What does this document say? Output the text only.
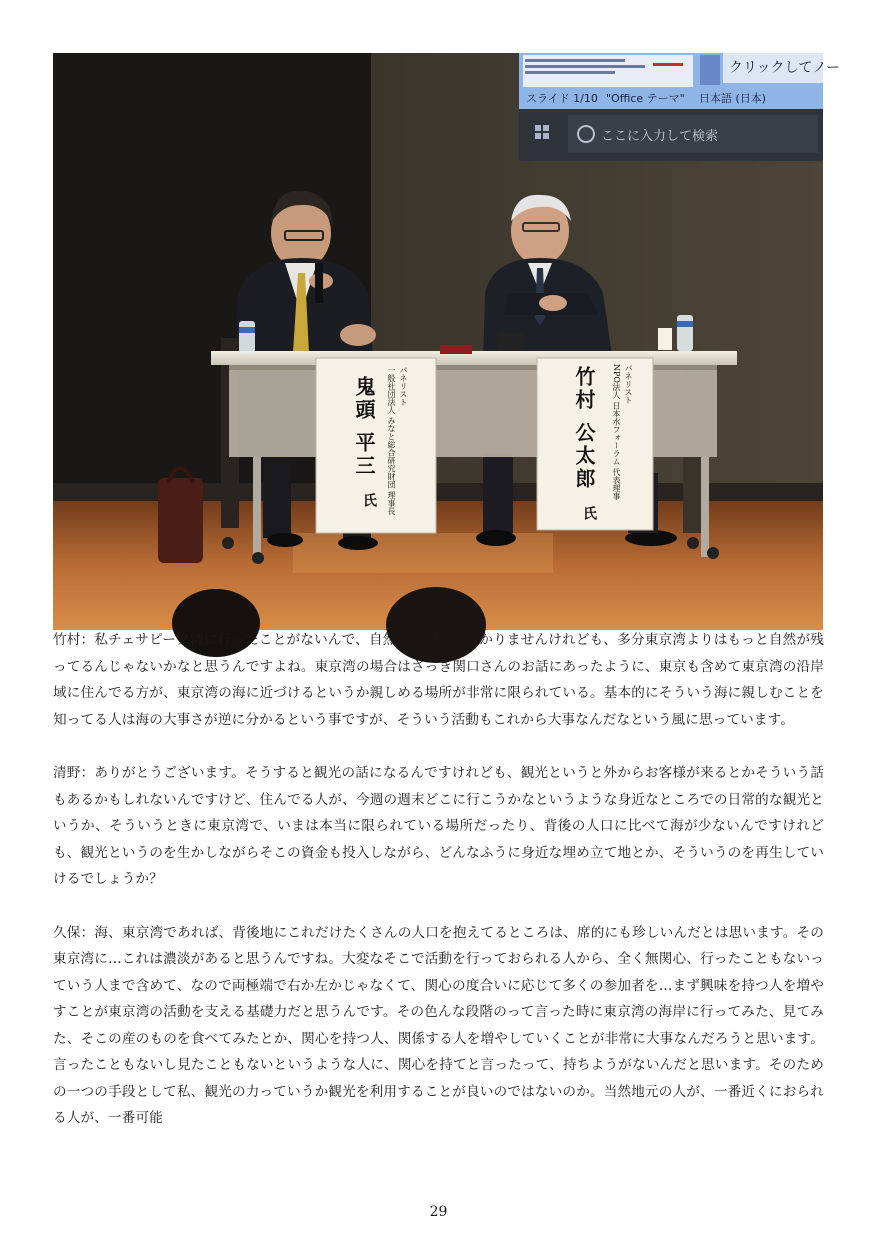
クリックしてノー
スライド 1/10 "Office テーマ" 日本語 (日本)
ここに入力して検索
パネリスト
一般社団法人 みなと総合研究財団 理事長
鬼頭 平三
氏
パネリスト
NPO法人 日本水フォーラム 代表理事
竹村 公太郎
氏

竹村：私チェサピーク湾に行ったことがないんで、自然の状況よくわかりませんけれども、多分東京湾よりはもっと自然が残ってるんじゃないかなと思うんですよね。東京湾の場合はさっき関口さんのお話にあったように、東京も含めて東京湾の沿岸域に住んでる方が、東京湾の海に近づけるというか親しめる場所が非常に限られている。基本的にそういう海に親しむことを知ってる人は海の大事さが逆に分かるという事ですが、そういう活動もこれから大事なんだなという風に思っています。

清野：ありがとうございます。そうすると観光の話になるんですけれども、観光というと外からお客様が来るとかそういう話もあるかもしれないんですけど、住んでる人が、今週の週末どこに行こうかなというような身近なところでの日常的な観光というか、そういうときに東京湾で、いまは本当に限られている場所だったり、背後の人口に比べて海が少ないんですけれども、観光というのを生かしながらそこの資金も投入しながら、どんなふうに身近な埋め立て地とか、そういうのを再生していけるでしょうか？

久保：海、東京湾であれば、背後地にこれだけたくさんの人口を抱えてるところは、席的にも珍しいんだとは思います。その東京湾に…これは濃淡があると思うんですね。大変なそこで活動を行っておられる人から、全く無関心、行ったこともないっていう人まで含めて、なので両極端で右か左かじゃなくて、関心の度合いに応じて多くの参加者を…まず興味を持つ人を増やすことが東京湾の活動を支える基礎力だと思うんです。その色んな段階のって言った時に東京湾の海岸に行ってみた、見てみた、そこの産のものを食べてみたとか、関心を持つ人、関係する人を増やしていくことが非常に大事なんだろうと思います。言ったこともないし見たこともないというような人に、関心を持てと言ったって、持ちようがないんだと思います。そのための一つの手段として私、観光の力っていうか観光を利用することが良いのではないのか。当然地元の人が、一番近くにおられる人が、一番可能

29
